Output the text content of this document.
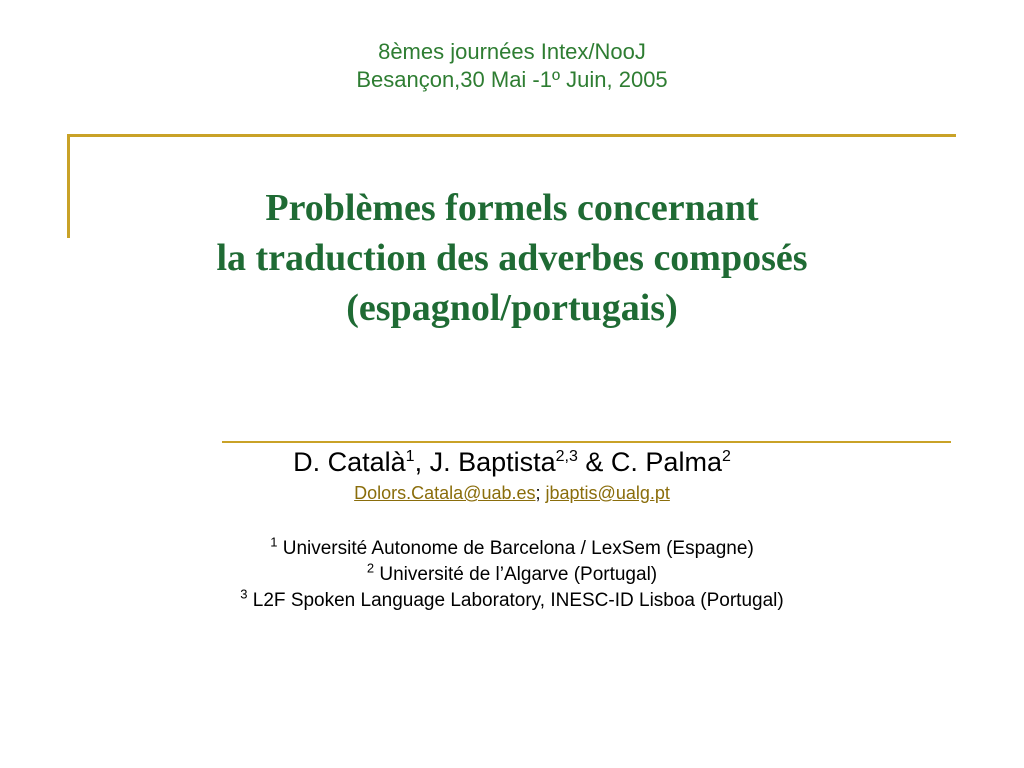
8èmes journées Intex/NooJ
Besançon,30 Mai -1º Juin, 2005
Problèmes formels concernant
la traduction des adverbes composés
(espagnol/portugais)
D. Català$^1$, J. Baptista$^{2,3}$ & C. Palma$^2$
Dolors.Catala@uab.es; jbaptis@ualg.pt
$^1$ Université Autonome de Barcelona / LexSem (Espagne)
$^2$ Université de l’Algarve (Portugal)
$^3$ L2F Spoken Language Laboratory, INESC-ID Lisboa (Portugal)
